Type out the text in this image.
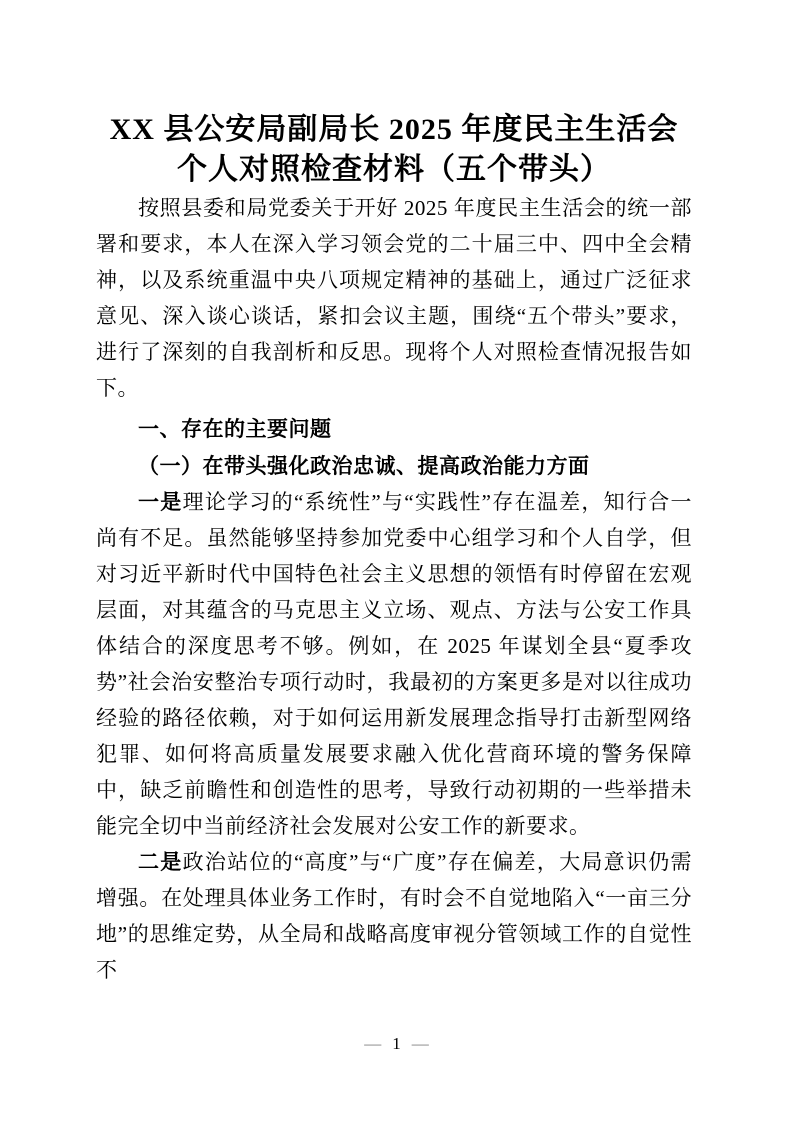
XX 县公安局副局长 2025 年度民主生活会
个人对照检查材料（五个带头）

按照县委和局党委关于开好 2025 年度民主生活会的统一部署和要求，本人在深入学习领会党的二十届三中、四中全会精神，以及系统重温中央八项规定精神的基础上，通过广泛征求意见、深入谈心谈话，紧扣会议主题，围绕“五个带头”要求，进行了深刻的自我剖析和反思。现将个人对照检查情况报告如下。

一、存在的主要问题
（一）在带头强化政治忠诚、提高政治能力方面

一是理论学习的“系统性”与“实践性”存在温差，知行合一尚有不足。虽然能够坚持参加党委中心组学习和个人自学，但对习近平新时代中国特色社会主义思想的领悟有时停留在宏观层面，对其蕴含的马克思主义立场、观点、方法与公安工作具体结合的深度思考不够。例如，在 2025 年谋划全县“夏季攻势”社会治安整治专项行动时，我最初的方案更多是对以往成功经验的路径依赖，对于如何运用新发展理念指导打击新型网络犯罪、如何将高质量发展要求融入优化营商环境的警务保障中，缺乏前瞻性和创造性的思考，导致行动初期的一些举措未能完全切中当前经济社会发展对公安工作的新要求。

二是政治站位的“高度”与“广度”存在偏差，大局意识仍需增强。在处理具体业务工作时，有时会不自觉地陷入“一亩三分地”的思维定势，从全局和战略高度审视分管领域工作的自觉性不

— 1 —
